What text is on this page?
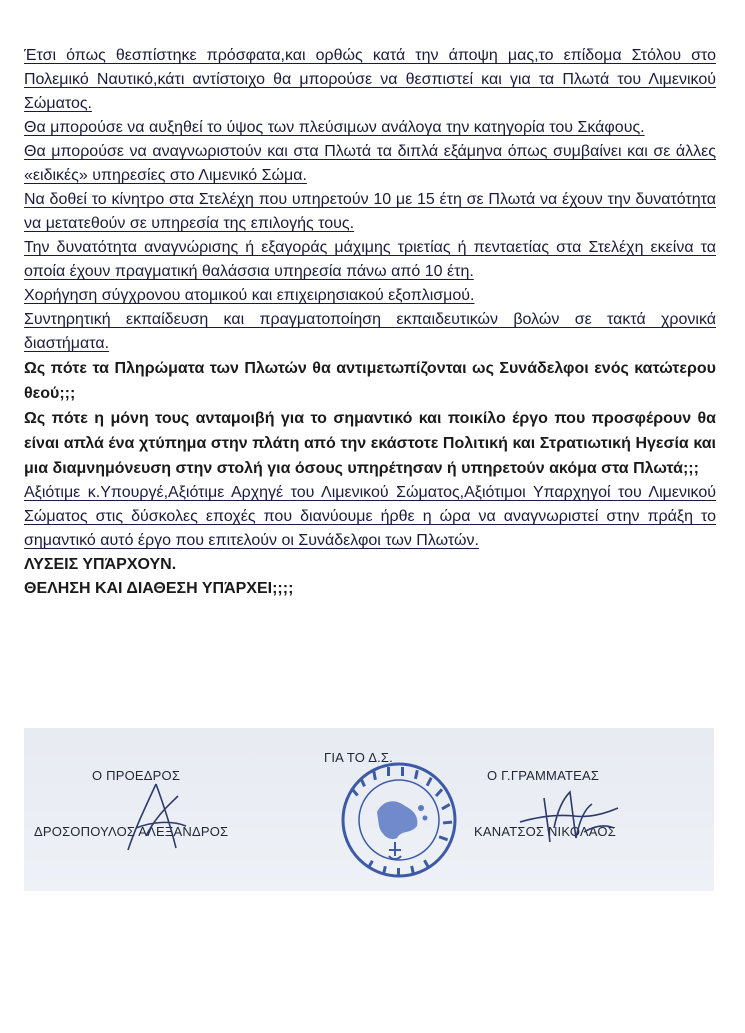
Έτσι όπως θεσπίστηκε πρόσφατα,και ορθώς κατά την άποψη μας,το επίδομα Στόλου στο Πολεμικό Ναυτικό,κάτι αντίστοιχο θα μπορούσε να θεσπιστεί και για τα Πλωτά του Λιμενικού Σώματος.

Θα μπορούσε να αυξηθεί το ύψος των πλεύσιμων ανάλογα την κατηγορία του Σκάφους.

Θα μπορούσε να αναγνωριστούν και στα Πλωτά τα διπλά εξάμηνα όπως συμβαίνει και σε άλλες «ειδικές» υπηρεσίες στο Λιμενικό Σώμα.

Να δοθεί το κίνητρο στα Στελέχη που υπηρετούν 10 με 15 έτη σε Πλωτά να έχουν την δυνατότητα να μετατεθούν σε υπηρεσία της επιλογής τους.

Την δυνατότητα αναγνώρισης ή εξαγοράς μάχιμης τριετίας ή πενταετίας στα Στελέχη εκείνα τα οποία έχουν πραγματική θαλάσσια υπηρεσία πάνω από 10 έτη.

Χορήγηση σύγχρονου ατομικού και επιχειρησιακού εξοπλισμού.

Συντηρητική εκπαίδευση και πραγματοποίηση εκπαιδευτικών βολών σε τακτά χρονικά διαστήματα.

Ως πότε τα Πληρώματα των Πλωτών θα αντιμετωπίζονται ως Συνάδελφοι ενός κατώτερου θεού;;;

Ως πότε η μόνη τους ανταμοιβή για το σημαντικό και ποικίλο έργο που προσφέρουν θα είναι απλά ένα χτύπημα στην πλάτη από την εκάστοτε Πολιτική και Στρατιωτική Ηγεσία και μια διαμνημόνευση στην στολή για όσους υπηρέτησαν ή υπηρετούν ακόμα στα Πλωτά;;;

Αξιότιμε κ.Υπουργέ,Αξιότιμε Αρχηγέ του Λιμενικού Σώματος,Αξιότιμοι Υπαρχηγοί του Λιμενικού Σώματος στις δύσκολες εποχές που διανύουμε ήρθε η ώρα να αναγνωριστεί στην πράξη το σημαντικό αυτό έργο που επιτελούν οι Συνάδελφοι των Πλωτών.

ΛΥΣΕΙΣ ΥΠΆΡΧΟΥΝ.

ΘΕΛΗΣΗ ΚΑΙ ΔΙΑΘΕΣΗ ΥΠΆΡΧΕΙ;;;;

Ο ΠΡΟΕΔΡΟΣ
ΔΡΟΣΟΠΟΥΛΟΣ ΑΛΕΞΑΝΔΡΟΣ
ΓΙΑ ΤΟ Δ.Σ.
Ο Γ.ΓΡΑΜΜΑΤΕΑΣ
ΚΑΝΑΤΣΟΣ ΝΙΚΟΛΑΟΣ
